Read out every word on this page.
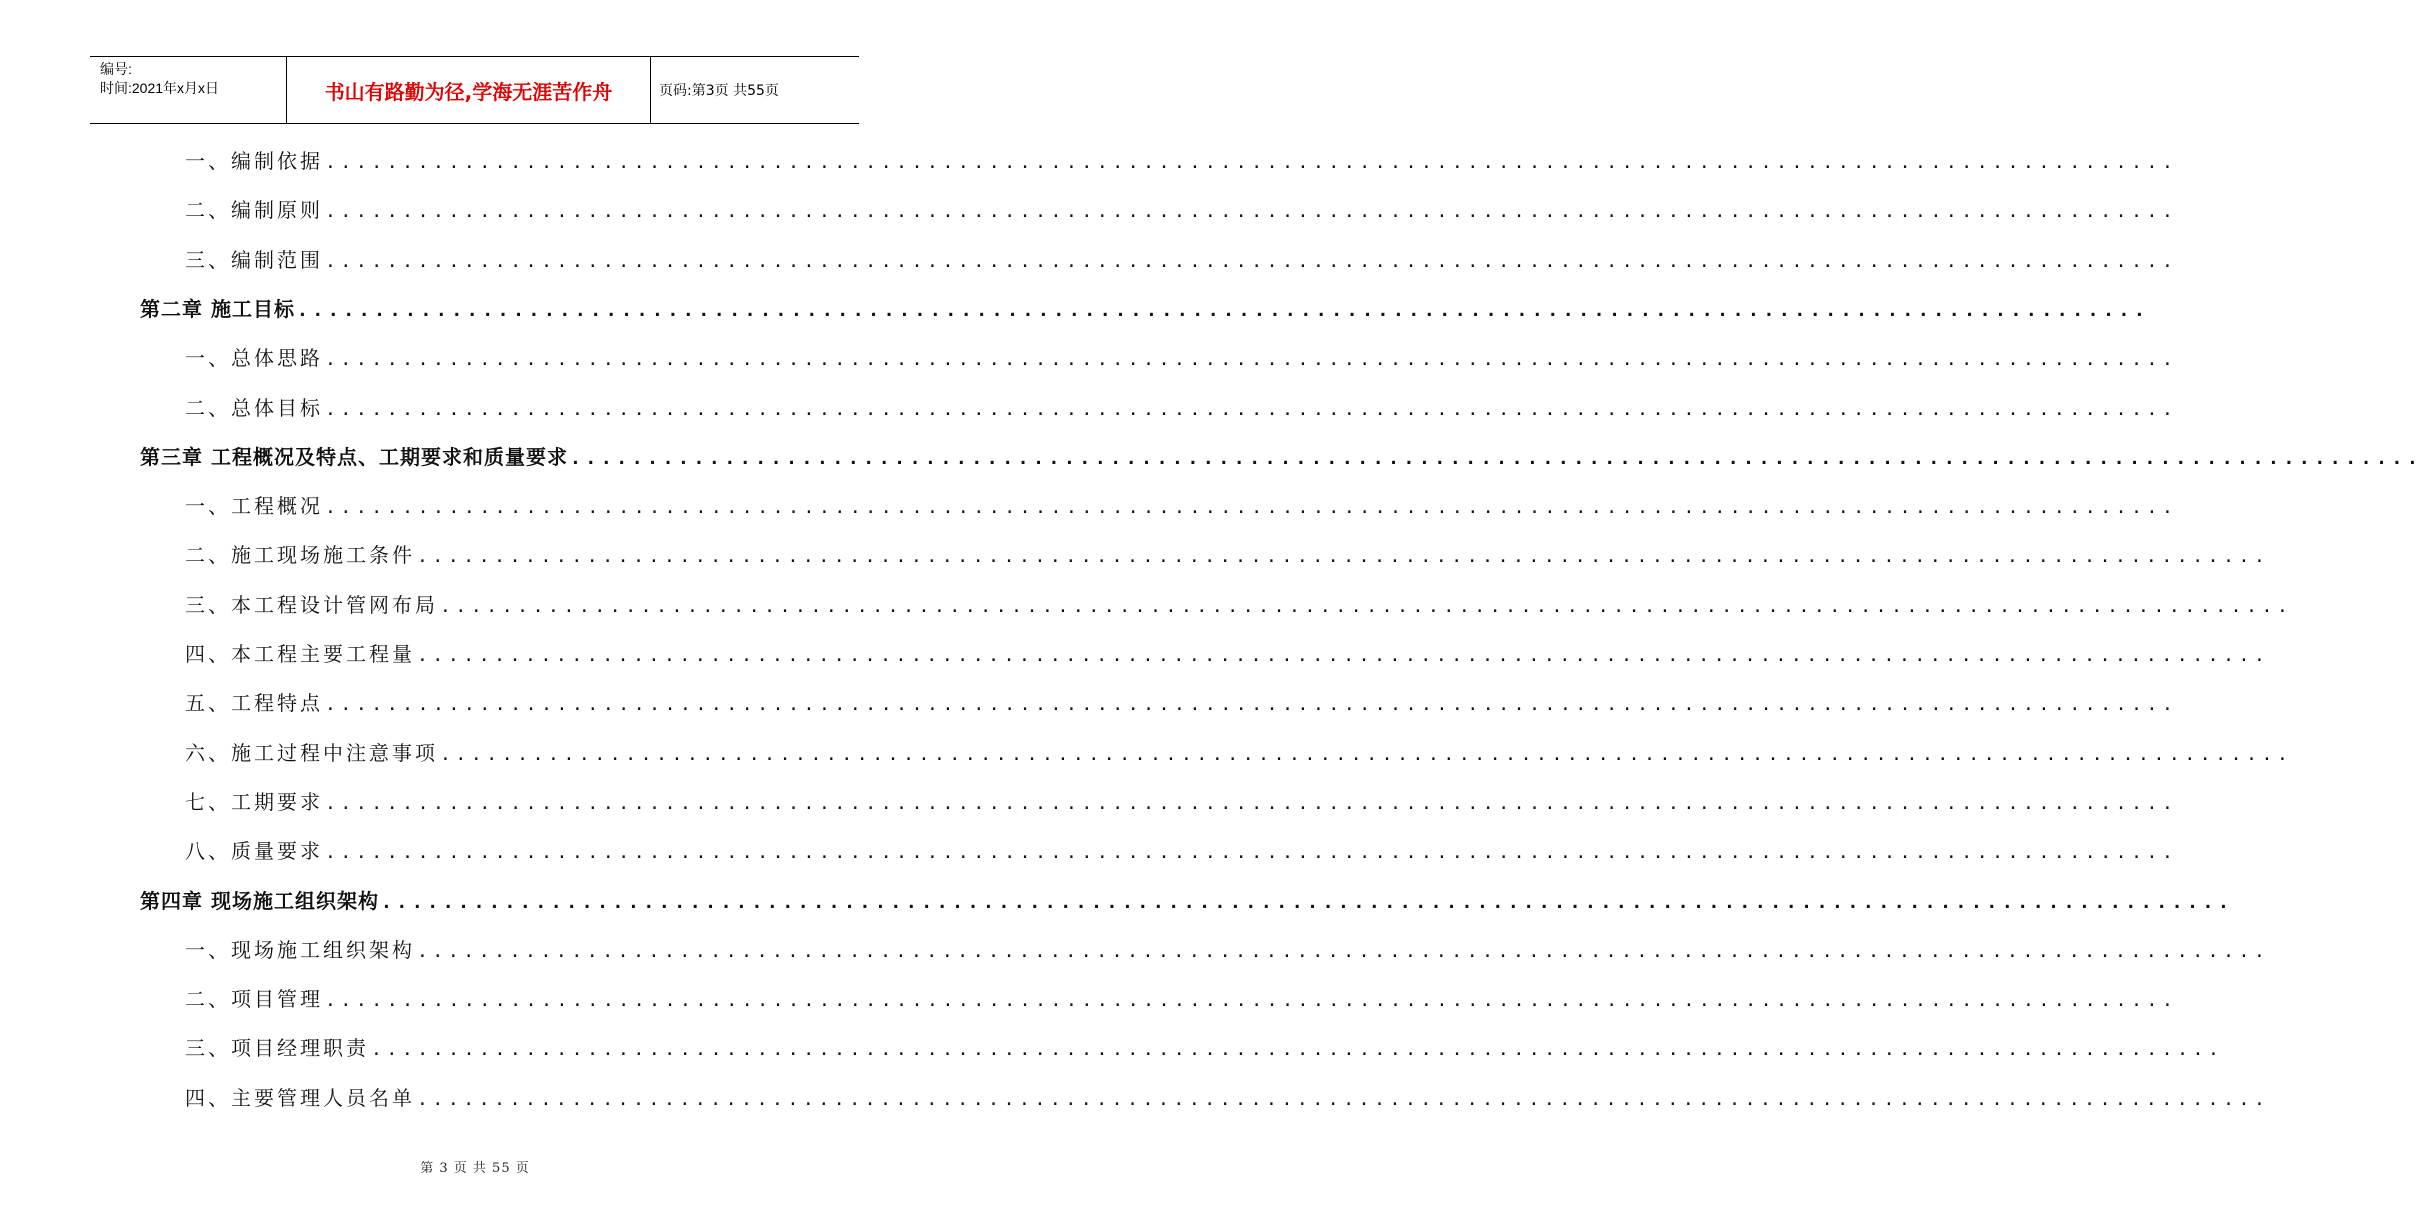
编号:
时间:2021年x月x日	书山有路勤为径,学海无涯苦作舟	页码:第3页 共55页
一、编制依据 ........................................................................................................................
二、编制原则 ........................................................................................................................
三、编制范围 ........................................................................................................................
第二章 施工目标 ........................................................................................................................
一、总体思路 ........................................................................................................................
二、总体目标 ........................................................................................................................
第三章 工程概况及特点、工期要求和质量要求 ........................................................................................................................
一、工程概况 ........................................................................................................................
二、施工现场施工条件 ........................................................................................................................
三、本工程设计管网布局 ........................................................................................................................
四、本工程主要工程量 ........................................................................................................................
五、工程特点 ........................................................................................................................
六、施工过程中注意事项 ........................................................................................................................
七、工期要求 ........................................................................................................................
八、质量要求 ........................................................................................................................
第四章 现场施工组织架构 ........................................................................................................................
一、现场施工组织架构 ........................................................................................................................
二、项目管理 ........................................................................................................................
三、项目经理职责 ........................................................................................................................
四、主要管理人员名单 ........................................................................................................................
第 3 页 共 55 页
